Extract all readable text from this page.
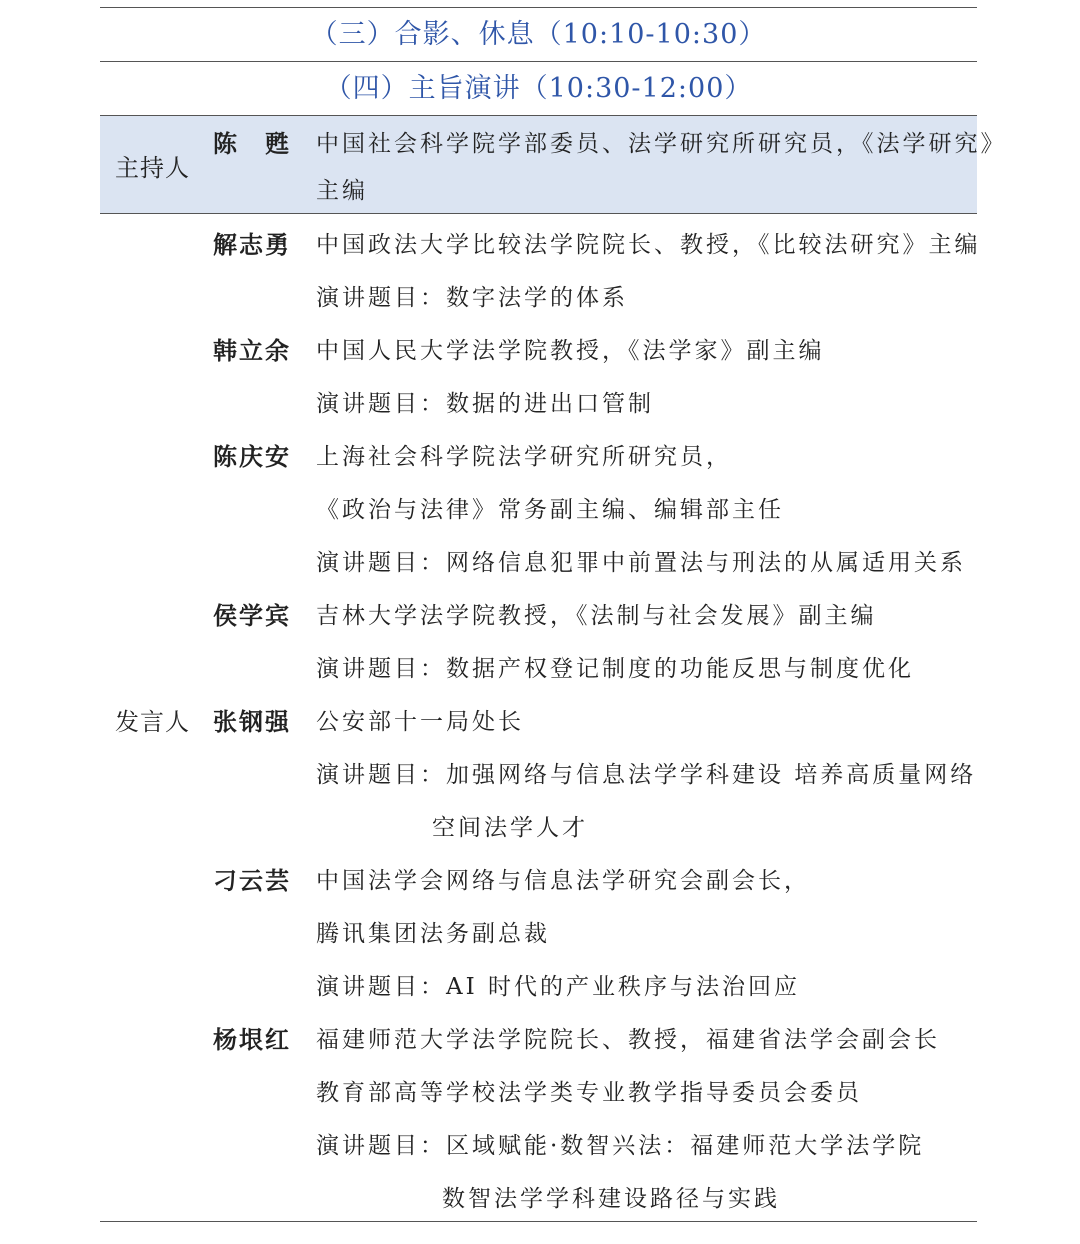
（三）合影、休息（10:10-10:30）
（四）主旨演讲（10:30-12:00）
主持人
陈　甦 中国社会科学院学部委员、法学研究所研究员，《法学研究》
主编
发言人
解志勇 中国政法大学比较法学院院长、教授，《比较法研究》主编
演讲题目：数字法学的体系
韩立余 中国人民大学法学院教授，《法学家》副主编
演讲题目：数据的进出口管制
陈庆安 上海社会科学院法学研究所研究员，
《政治与法律》常务副主编、编辑部主任
演讲题目：网络信息犯罪中前置法与刑法的从属适用关系
侯学宾 吉林大学法学院教授，《法制与社会发展》副主编
演讲题目：数据产权登记制度的功能反思与制度优化
张钢强 公安部十一局处长
演讲题目：加强网络与信息法学学科建设 培养高质量网络
空间法学人才
刁云芸 中国法学会网络与信息法学研究会副会长，
腾讯集团法务副总裁
演讲题目：AI 时代的产业秩序与法治回应
杨垠红 福建师范大学法学院院长、教授，福建省法学会副会长
教育部高等学校法学类专业教学指导委员会委员
演讲题目：区域赋能·数智兴法：福建师范大学法学院
数智法学学科建设路径与实践
